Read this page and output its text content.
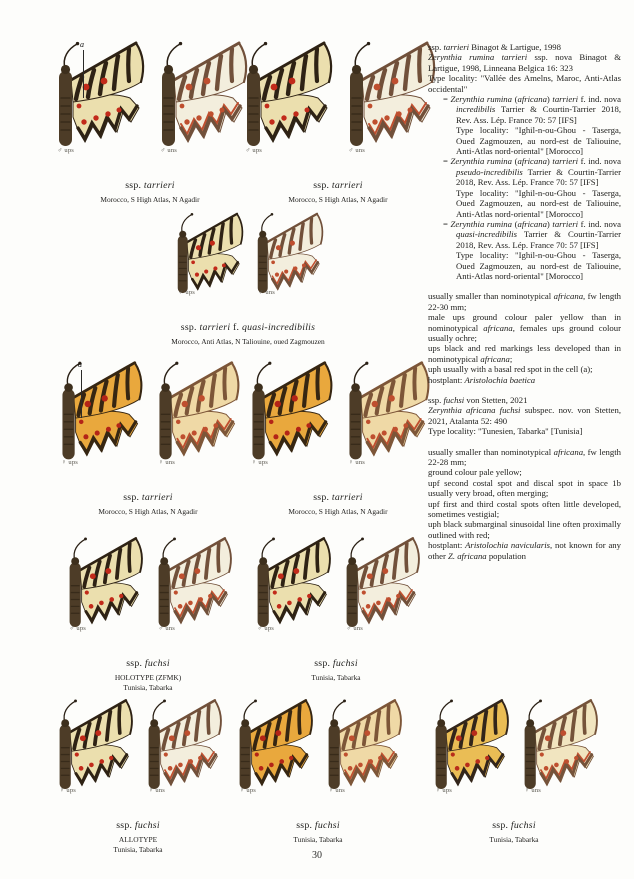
♂ ups	♂ uns
a
ssp. tarrieri
Morocco, S High Atlas, N Agadir
♂ ups	♂ uns
ssp. tarrieri
Morocco, S High Atlas, N Agadir
♂ ups	♂ uns
ssp. tarrieri f. quasi-incredibilis
Morocco, Anti Atlas, N Taliouine, oued Zagmouzen
♀ ups	♀ uns
a
ssp. tarrieri
Morocco, S High Atlas, N Agadir
♀ ups	♀ uns
ssp. tarrieri
Morocco, S High Atlas, N Agadir
♂ ups	♂ uns
ssp. fuchsi
HOLOTYPE (ZFMK)
Tunisia, Tabarka
♂ ups	♂ uns
ssp. fuchsi
Tunisia, Tabarka
♀ ups	♀ uns
ssp. fuchsi
ALLOTYPE
Tunisia, Tabarka
♀ ups	♀ uns
ssp. fuchsi
Tunisia, Tabarka
♀ ups	♀ uns
ssp. fuchsi
Tunisia, Tabarka
ssp. tarrieri Binagot & Lartigue, 1998
Zerynthia rumina tarrieri ssp. nova Binagot & Lartigue, 1998, Linneana Belgica 16: 323
Type locality: "Vallée des Amelns, Maroc, Anti-Atlas occidental"
= Zerynthia rumina (africana) tarrieri f. ind. nova incredibilis Tarrier & Courtin-Tarrier 2018, Rev. Ass. Lép. France 70: 57 [IFS]
Type locality: "Ighil-n-ou-Ghou - Taserga, Oued Zagmouzen, au nord-est de Taliouine, Anti-Atlas nord-oriental" [Morocco]
= Zerynthia rumina (africana) tarrieri f. ind. nova pseudo-incredibilis Tarrier & Courtin-Tarrier 2018, Rev. Ass. Lép. France 70: 57 [IFS]
Type locality: "Ighil-n-ou-Ghou - Taserga, Oued Zagmouzen, au nord-est de Taliouine, Anti-Atlas nord-oriental" [Morocco]
= Zerynthia rumina (africana) tarrieri f. ind. nova quasi-incredibilis Tarrier & Courtin-Tarrier 2018, Rev. Ass. Lép. France 70: 57 [IFS]
Type locality: "Ighil-n-ou-Ghou - Taserga, Oued Zagmouzen, au nord-est de Taliouine, Anti-Atlas nord-oriental" [Morocco]
usually smaller than nominotypical africana, fw length 22-30 mm;
male ups ground colour paler yellow than in nominotypical africana, females ups ground colour usually ochre;
ups black and red markings less developed than in nominotypical africana;
uph usually with a basal red spot in the cell (a);
hostplant: Aristolochia baetica
ssp. fuchsi von Stetten, 2021
Zerynthia africana fuchsi subspec. nov. von Stetten, 2021, Atalanta 52: 490
Type locality: "Tunesien, Tabarka" [Tunisia]
usually smaller than nominotypical africana, fw length 22-28 mm;
ground colour pale yellow;
upf second costal spot and discal spot in space 1b usually very broad, often merging;
upf first and third costal spots often little developed, sometimes vestigial;
uph black submarginal sinusoidal line often proximally outlined with red;
hostplant: Aristolochia navicularis, not known for any other Z. africana population
30
